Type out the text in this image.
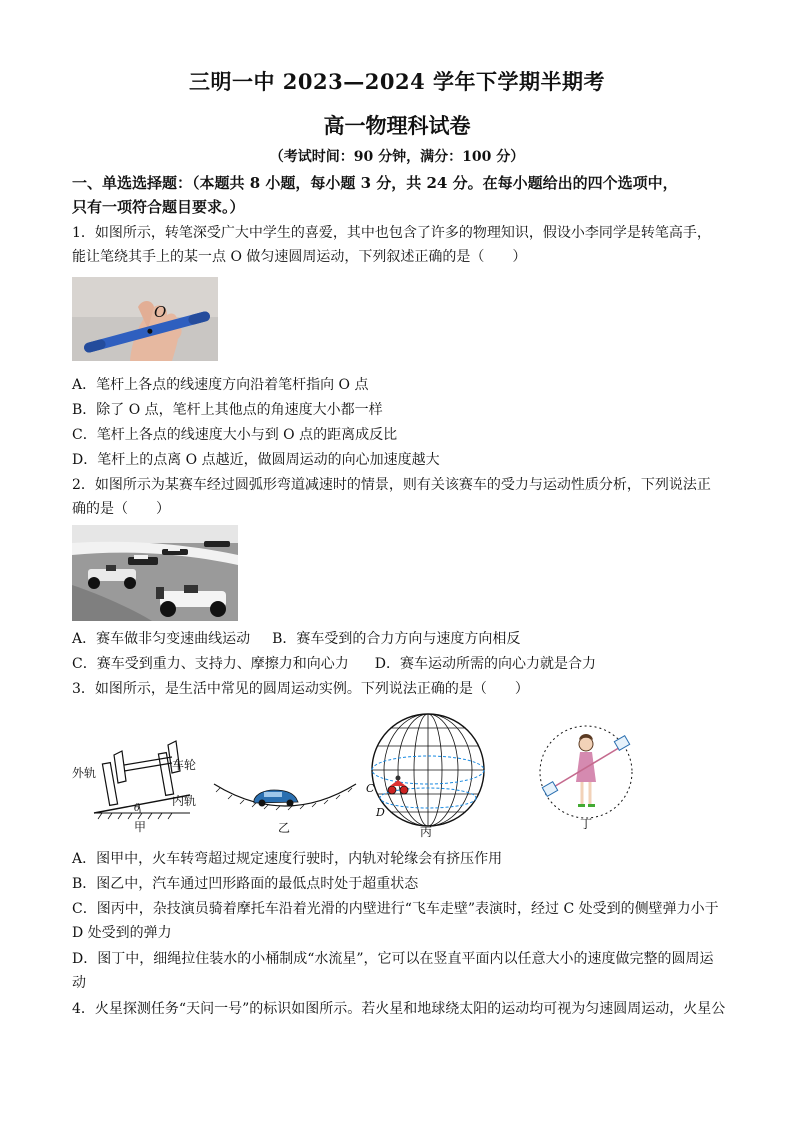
三明一中 2023—2024 学年下学期半期考
高一物理科试卷
（考试时间：90 分钟，满分：100 分）
一、单选选择题：（本题共 8 小题，每小题 3 分，共 24 分。在每小题给出的四个选项中，
只有一项符合题目要求。）
1．如图所示，转笔深受广大中学生的喜爱，其中也包含了许多的物理知识，假设小李同学是转笔高手，
能让笔绕其手上的某一点 O 做匀速圆周运动，下列叙述正确的是（　　）
O
A．笔杆上各点的线速度方向沿着笔杆指向 O 点
B．除了 O 点，笔杆上其他点的角速度大小都一样
C．笔杆上各点的线速度大小与到 O 点的距离成反比
D．笔杆上的点离 O 点越近，做圆周运动的向心加速度越大
2．如图所示为某赛车经过圆弧形弯道减速时的情景，则有关该赛车的受力与运动性质分析，下列说法正
确的是（　　）
A．赛车做非匀变速曲线运动 B．赛车受到的合力方向与速度方向相反
C．赛车受到重力、支持力、摩擦力和向心力 D．赛车运动所需的向心力就是合力
3．如图所示，是生活中常见的圆周运动实例。下列说法正确的是（　　）
外轨
车轮
内轨
θ
甲	乙
C
D
丙
丁
A．图甲中，火车转弯超过规定速度行驶时，内轨对轮缘会有挤压作用
B．图乙中，汽车通过凹形路面的最低点时处于超重状态
C．图丙中，杂技演员骑着摩托车沿着光滑的内壁进行“飞车走壁”表演时，经过 C 处受到的侧壁弹力小于
D 处受到的弹力
D．图丁中，细绳拉住装水的小桶制成“水流星”，它可以在竖直平面内以任意大小的速度做完整的圆周运
动
4．火星探测任务“天问一号”的标识如图所示。若火星和地球绕太阳的运动均可视为匀速圆周运动，火星公
